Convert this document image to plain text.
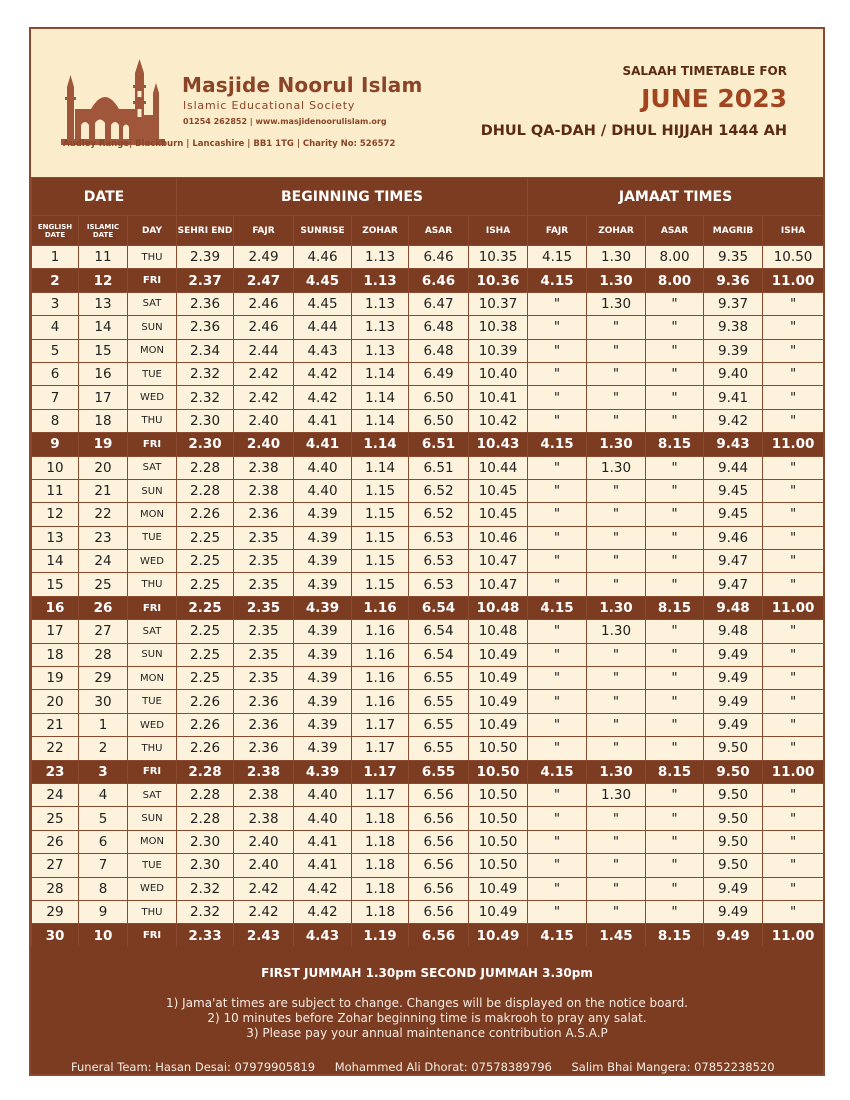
Masjide Noorul Islam
Islamic Educational Society
01254 262852 | www.masjidenoorulislam.org
Audley Range| Blackburn | Lancashire | BB1 1TG | Charity No: 526572
SALAAH TIMETABLE FOR
JUNE 2023
DHUL QA-DAH / DHUL HIJJAH 1444 AH
DATE			BEGINNING TIMES						JAMAAT TIMES				
ENGLISH DATE	ISLAMIC DATE	DAY	SEHRI END	FAJR	SUNRISE	ZOHAR	ASAR	ISHA	FAJR	ZOHAR	ASAR	MAGRIB	ISHA
1	11	THU	2.39	2.49	4.46	1.13	6.46	10.35	4.15	1.30	8.00	9.35	10.50
2	12	FRI	2.37	2.47	4.45	1.13	6.46	10.36	4.15	1.30	8.00	9.36	11.00
3	13	SAT	2.36	2.46	4.45	1.13	6.47	10.37	"	1.30	"	9.37	"
4	14	SUN	2.36	2.46	4.44	1.13	6.48	10.38	"	"	"	9.38	"
5	15	MON	2.34	2.44	4.43	1.13	6.48	10.39	"	"	"	9.39	"
6	16	TUE	2.32	2.42	4.42	1.14	6.49	10.40	"	"	"	9.40	"
7	17	WED	2.32	2.42	4.42	1.14	6.50	10.41	"	"	"	9.41	"
8	18	THU	2.30	2.40	4.41	1.14	6.50	10.42	"	"	"	9.42	"
9	19	FRI	2.30	2.40	4.41	1.14	6.51	10.43	4.15	1.30	8.15	9.43	11.00
10	20	SAT	2.28	2.38	4.40	1.14	6.51	10.44	"	1.30	"	9.44	"
11	21	SUN	2.28	2.38	4.40	1.15	6.52	10.45	"	"	"	9.45	"
12	22	MON	2.26	2.36	4.39	1.15	6.52	10.45	"	"	"	9.45	"
13	23	TUE	2.25	2.35	4.39	1.15	6.53	10.46	"	"	"	9.46	"
14	24	WED	2.25	2.35	4.39	1.15	6.53	10.47	"	"	"	9.47	"
15	25	THU	2.25	2.35	4.39	1.15	6.53	10.47	"	"	"	9.47	"
16	26	FRI	2.25	2.35	4.39	1.16	6.54	10.48	4.15	1.30	8.15	9.48	11.00
17	27	SAT	2.25	2.35	4.39	1.16	6.54	10.48	"	1.30	"	9.48	"
18	28	SUN	2.25	2.35	4.39	1.16	6.54	10.49	"	"	"	9.49	"
19	29	MON	2.25	2.35	4.39	1.16	6.55	10.49	"	"	"	9.49	"
20	30	TUE	2.26	2.36	4.39	1.16	6.55	10.49	"	"	"	9.49	"
21	1	WED	2.26	2.36	4.39	1.17	6.55	10.49	"	"	"	9.49	"
22	2	THU	2.26	2.36	4.39	1.17	6.55	10.50	"	"	"	9.50	"
23	3	FRI	2.28	2.38	4.39	1.17	6.55	10.50	4.15	1.30	8.15	9.50	11.00
24	4	SAT	2.28	2.38	4.40	1.17	6.56	10.50	"	1.30	"	9.50	"
25	5	SUN	2.28	2.38	4.40	1.18	6.56	10.50	"	"	"	9.50	"
26	6	MON	2.30	2.40	4.41	1.18	6.56	10.50	"	"	"	9.50	"
27	7	TUE	2.30	2.40	4.41	1.18	6.56	10.50	"	"	"	9.50	"
28	8	WED	2.32	2.42	4.42	1.18	6.56	10.49	"	"	"	9.49	"
29	9	THU	2.32	2.42	4.42	1.18	6.56	10.49	"	"	"	9.49	"
30	10	FRI	2.33	2.43	4.43	1.19	6.56	10.49	4.15	1.45	8.15	9.49	11.00
FIRST JUMMAH 1.30pm SECOND JUMMAH 3.30pm
1) Jama'at times are subject to change. Changes will be displayed on the notice board.
2) 10 minutes before Zohar beginning time is makrooh to pray any salat.
3) Please pay your annual maintenance contribution A.S.A.P
Funeral Team: Hasan Desai: 07979905819 Mohammed Ali Dhorat: 07578389796 Salim Bhai Mangera: 07852238520
